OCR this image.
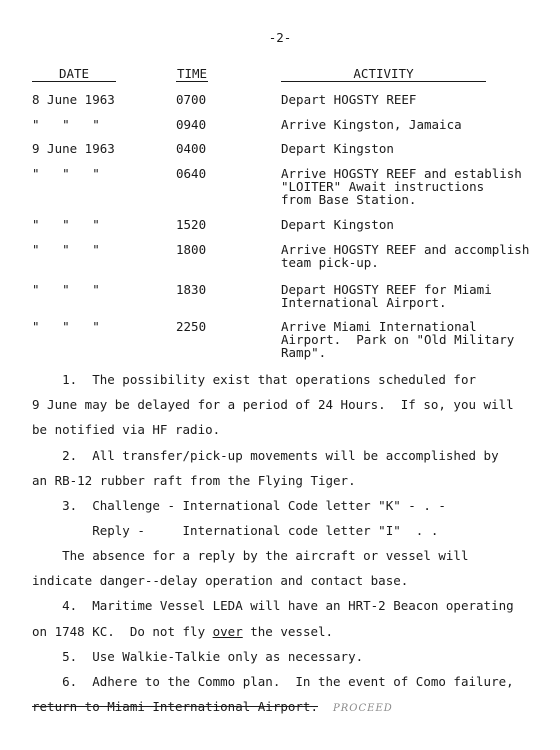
-2-
DATE	TIME	ACTIVITY
8 June 1963	0700	Depart HOGSTY REEF
"   "   "	0940	Arrive Kingston, Jamaica
9 June 1963	0400	Depart Kingston
"   "   "	0640	Arrive HOGSTY REEF and establish
"LOITER" Await instructions
from Base Station.
"   "   "	1520	Depart Kingston
"   "   "	1800	Arrive HOGSTY REEF and accomplish
team pick-up.
"   "   "	1830	Depart HOGSTY REEF for Miami
International Airport.
"   "   "	2250	Arrive Miami International
Airport.  Park on "Old Military
Ramp".
1.  The possibility exist that operations scheduled for
9 June may be delayed for a period of 24 Hours.  If so, you will
be notified via HF radio.
2.  All transfer/pick-up movements will be accomplished by
an RB-12 rubber raft from the Flying Tiger.
3.  Challenge - International Code letter "K" - . -
Reply -     International code letter "I"  . .
The absence for a reply by the aircraft or vessel will
indicate danger--delay operation and contact base.
4.  Maritime Vessel LEDA will have an HRT-2 Beacon operating
on 1748 KC.  Do not fly over the vessel.
5.  Use Walkie-Talkie only as necessary.
6.  Adhere to the Commo plan.  In the event of Como failure,
return to Miami International Airport. PROCEED
